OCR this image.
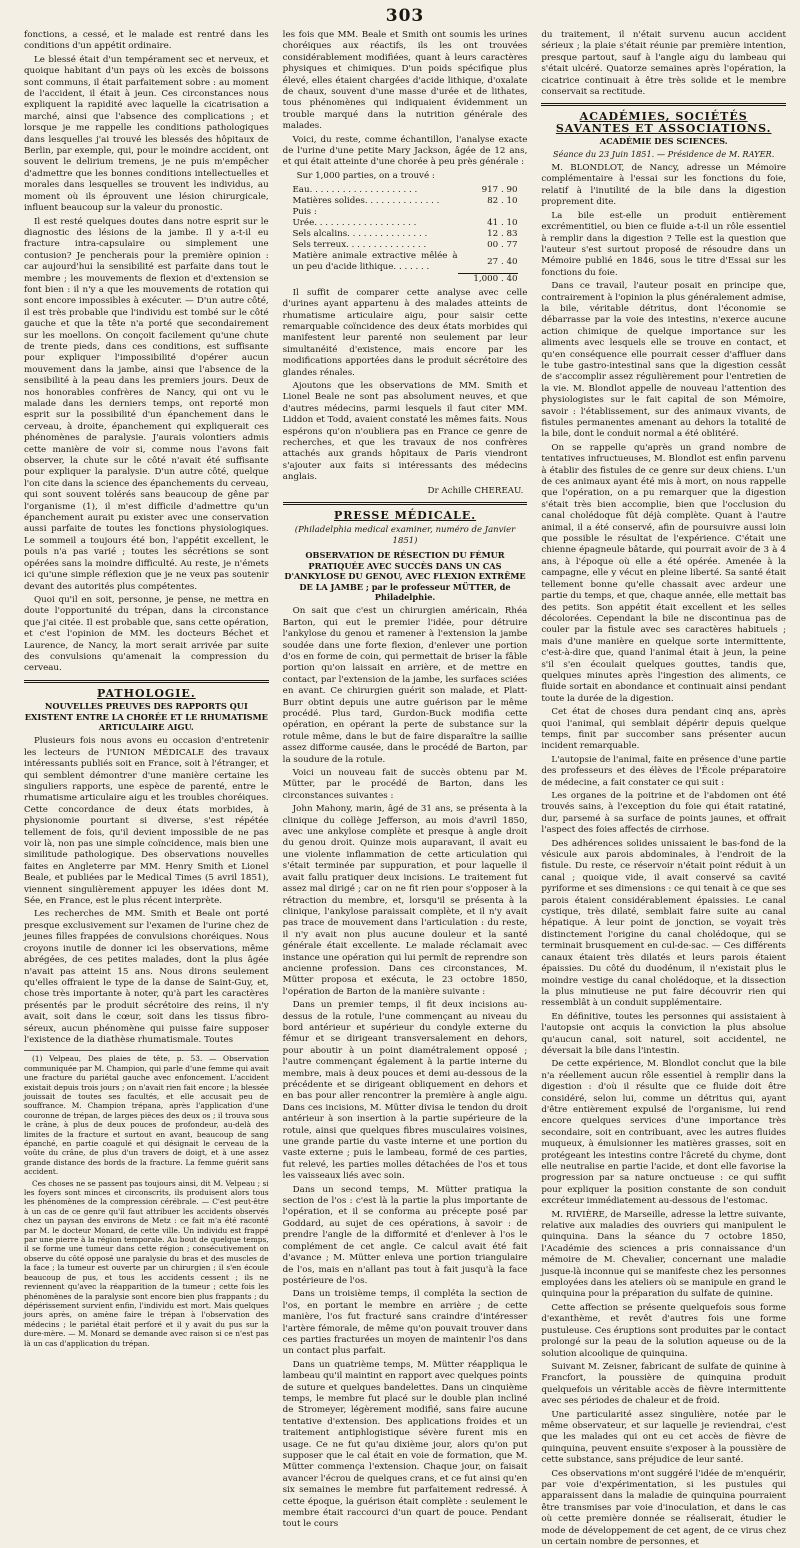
303

fonctions, a cessé, et le malade est rentré dans les conditions d'un appétit ordinaire.

Le blessé était d'un tempérament sec et nerveux, et quoique habitant d'un pays où les excès de boissons sont communs, il était parfaitement sobre : au moment de l'accident, il était à jeun. Ces circonstances nous expliquent la rapidité avec laquelle la cicatrisation a marché, ainsi que l'absence des complications ; et lorsque je me rappelle les conditions pathologiques dans lesquelles j'ai trouvé les blessés des hôpitaux de Berlin, par exemple, qui, pour le moindre accident, ont souvent le delirium tremens, je ne puis m'empêcher d'admettre que les bonnes conditions intellectuelles et morales dans lesquelles se trouvent les individus, au moment où ils éprouvent une lésion chirurgicale, influent beaucoup sur la valeur du pronostic.

Il est resté quelques doutes dans notre esprit sur le diagnostic des lésions de la jambe. Il y a-t-il eu fracture intra-capsulaire ou simplement une contusion? Je pencherais pour la première opinion : car aujourd'hui la sensibilité est parfaite dans tout le membre ; les mouvements de flexion et d'extension se font bien : il n'y a que les mouvements de rotation qui sont encore impossibles à exécuter. — D'un autre côté, il est très probable que l'individu est tombé sur le côté gauche et que la tête n'a porté que secondairement sur les moellons. On conçoit facilement qu'une chute de trente pieds, dans ces conditions, est suffisante pour expliquer l'impossibilité d'opérer aucun mouvement dans la jambe, ainsi que l'absence de la sensibilité à la peau dans les premiers jours. Deux de nos honorables confrères de Nancy, qui ont vu le malade dans les derniers temps, ont reporté mon esprit sur la possibilité d'un épanchement dans le cerveau, à droite, épanchement qui expliquerait ces phénomènes de paralysie. J'aurais volontiers admis cette manière de voir si, comme nous l'avons fait observer, la chute sur le côté n'avait été suffisante pour expliquer la paralysie. D'un autre côté, quelque l'on cite dans la science des épanchements du cerveau, qui sont souvent tolérés sans beaucoup de gêne par l'organisme (1), il m'est difficile d'admettre qu'un épanchement aurait pu exister avec une conservation aussi parfaite de toutes les fonctions physiologiques. Le sommeil a toujours été bon, l'appétit excellent, le pouls n'a pas varié ; toutes les sécrétions se sont opérées sans la moindre difficulté. Au reste, je n'émets ici qu'une simple réflexion que je ne veux pas soutenir devant des autorités plus compétentes.

Quoi qu'il en soit, personne, je pense, ne mettra en doute l'opportunité du trépan, dans la circonstance que j'ai citée. Il est probable que, sans cette opération, et c'est l'opinion de MM. les docteurs Béchet et Laurence, de Nancy, la mort serait arrivée par suite des convulsions qu'amenait la compression du cerveau.

PATHOLOGIE.
NOUVELLES PREUVES DES RAPPORTS QUI EXISTENT ENTRE LA CHORÉE ET LE RHUMATISME ARTICULAIRE AIGU.

Plusieurs fois nous avons eu occasion d'entretenir les lecteurs de l'UNION MÉDICALE des travaux intéressants publiés soit en France, soit à l'étranger, et qui semblent démontrer d'une manière certaine les singuliers rapports, une espèce de parenté, entre le rhumatisme articulaire aigu et les troubles choréiques. Cette concordance de deux états morbides, à physionomie pourtant si diverse, s'est répétée tellement de fois, qu'il devient impossible de ne pas voir là, non pas une simple coïncidence, mais bien une similitude pathologique. Des observations nouvelles faites en Angleterre par MM. Henry Smith et Lionel Beale, et publiées par le Medical Times (5 avril 1851), viennent singulièrement appuyer les idées dont M. Sée, en France, est le plus récent interprète.

Les recherches de MM. Smith et Beale ont porté presque exclusivement sur l'examen de l'urine chez de jeunes filles frappées de convulsions choréiques. Nous croyons inutile de donner ici les observations, même abrégées, de ces petites malades, dont la plus âgée n'avait pas atteint 15 ans. Nous dirons seulement qu'elles offraient le type de la danse de Saint-Guy, et, chose très importante à noter, qu'à part les caractères présentés par le produit sécrétoire des reins, il n'y avait, soit dans le cœur, soit dans les tissus fibro-séreux, aucun phénomène qui puisse faire supposer l'existence de la diathèse rhumatismale. Toutes

(1) Velpeau, Des plaies de tête, p. 53. — Observation communiquée par M. Champion, qui parle d'une femme qui avait une fracture du pariétal gauche avec enfoncement. L'accident existait depuis trois jours ; on n'avait rien fait encore ; la blessée jouissait de toutes ses facultés, et elle accusait peu de souffrance. M. Champion trépana, après l'application d'une couronne de trépan, de larges pièces des deux os ; il trouva sous le crâne, à plus de deux pouces de profondeur, au-delà des limites de la fracture et surtout en avant, beaucoup de sang épanché, en partie coagulé et qui désignait le cerveau de la voûte du crâne, de plus d'un travers de doigt, et à une assez grande distance des bords de la fracture. La femme guérit sans accident.

Ces choses ne se passent pas toujours ainsi, dit M. Velpeau ; si les foyers sont minces et circonscrits, ils produisent alors tous les phénomènes de la compression cérébrale. — C'est peut-être à un cas de ce genre qu'il faut attribuer les accidents observés chez un paysan des environs de Metz : ce fait m'a été raconté par M. le docteur Monard, de cette ville. Un individu est frappé par une pierre à la région temporale. Au bout de quelque temps, il se forme une tumeur dans cette région ; consécutivement on observe du côté opposé une paralysie du bras et des muscles de la face ; la tumeur est ouverte par un chirurgien ; il s'en écoule beaucoup de pus, et tous les accidents cessent ; ils ne reviennent qu'avec la réapparition de la tumeur ; cette fois les phénomènes de la paralysie sont encore bien plus frappants ; du dépérissement survient enfin, l'individu est mort. Mais quelques jours après, on amène faire le trépan à l'observation des médecins ; le pariétal était perforé et il y avait du pus sur la dure-mère. — M. Monard se demande avec raison si ce n'est pas là un cas d'application du trépan.

les fois que MM. Beale et Smith ont soumis les urines choréiques aux réactifs, ils les ont trouvées considérablement modifiées, quant à leurs caractères physiques et chimiques. D'un poids spécifique plus élevé, elles étaient chargées d'acide lithique, d'oxalate de chaux, souvent d'une masse d'urée et de lithates, tous phénomènes qui indiquaient évidemment un trouble marqué dans la nutrition générale des malades.

Voici, du reste, comme échantillon, l'analyse exacte de l'urine d'une petite Mary Jackson, âgée de 12 ans, et qui était atteinte d'une chorée à peu près générale :

Sur 1,000 parties, on a trouvé :
Eau. . . . . . . . . . . . . . . . . . . .	917 . 90
Matières solides. . . . . . . . . . . . . .	82 . 10
Puis :	
Urée. . . . . . . . . . . . . . . . . . .	41 . 10
Sels alcalins. . . . . . . . . . . . . . .	12 . 83
Sels terreux. . . . . . . . . . . . . . .	00 . 77
Matière animale extractive mêlée à un peu d'acide lithique. . . . . . .	27 . 40
	1,000 . 40

Il suffit de comparer cette analyse avec celle d'urines ayant appartenu à des malades atteints de rhumatisme articulaire aigu, pour saisir cette remarquable coïncidence des deux états morbides qui manifestent leur parenté non seulement par leur simultanéité d'existence, mais encore par les modifications apportées dans le produit sécrétoire des glandes rénales.

Ajoutons que les observations de MM. Smith et Lionel Beale ne sont pas absolument neuves, et que d'autres médecins, parmi lesquels il faut citer MM. Liddon et Todd, avaient constaté les mêmes faits. Nous espérons qu'on n'oubliera pas en France ce genre de recherches, et que les travaux de nos confrères attachés aux grands hôpitaux de Paris viendront s'ajouter aux faits si intéressants des médecins anglais.

Dr Achille CHEREAU.
PRESSE MÉDICALE.
(Philadelphia medical examiner, numéro de Janvier 1851)
OBSERVATION DE RÉSECTION DU FÉMUR PRATIQUÉE AVEC SUCCÈS DANS UN CAS D'ANKYLOSE DU GENOU, AVEC FLEXION EXTRÊME DE LA JAMBE ; par le professeur MÜTTER, de Philadelphie.

On sait que c'est un chirurgien américain, Rhéa Barton, qui eut le premier l'idée, pour détruire l'ankylose du genou et ramener à l'extension la jambe soudée dans une forte flexion, d'enlever une portion d'os en forme de coin, qui permettait de briser la fâble portion qu'on laissait en arrière, et de mettre en contact, par l'extension de la jambe, les surfaces sciées en avant. Ce chirurgien guérit son malade, et Platt-Burr obtint depuis une autre guérison par le même procédé. Plus tard, Gurdon-Buck modifia cette opération, en opérant la perte de substance sur la rotule même, dans le but de faire disparaître la saillie assez difforme causée, dans le procédé de Barton, par la soudure de la rotule.

Voici un nouveau fait de succès obtenu par M. Mütter, par le procédé de Barton, dans les circonstances suivantes :

John Mahony, marin, âgé de 31 ans, se présenta à la clinique du collège Jefferson, au mois d'avril 1850, avec une ankylose complète et presque à angle droit du genou droit. Quinze mois auparavant, il avait eu une violente inflammation de cette articulation qui s'était terminée par suppuration, et pour laquelle il avait fallu pratiquer deux incisions. Le traitement fut assez mal dirigé ; car on ne fit rien pour s'opposer à la rétraction du membre, et, lorsqu'il se présenta à la clinique, l'ankylose paraissait complète, et il n'y avait pas trace de mouvement dans l'articulation : du reste, il n'y avait non plus aucune douleur et la santé générale était excellente. Le malade réclamait avec instance une opération qui lui permît de reprendre son ancienne profession. Dans ces circonstances, M. Mütter proposa et exécuta, le 23 octobre 1850, l'opération de Barton de la manière suivante :

Dans un premier temps, il fit deux incisions au-dessus de la rotule, l'une commençant au niveau du bord antérieur et supérieur du condyle externe du fémur et se dirigeant transversalement en dehors, pour aboutir à un point diamétralement opposé ; l'autre commençant également à la partie interne du membre, mais à deux pouces et demi au-dessous de la précédente et se dirigeant obliquement en dehors et en bas pour aller rencontrer la première à angle aigu. Dans ces incisions, M. Mütter divisa le tendon du droit antérieur à son insertion à la partie supérieure de la rotule, ainsi que quelques fibres musculaires voisines, une grande partie du vaste interne et une portion du vaste externe ; puis le lambeau, formé de ces parties, fut relevé, les parties molles détachées de l'os et tous les vaisseaux liés avec soin.

Dans un second temps, M. Mütter pratiqua la section de l'os : c'est là la partie la plus importante de l'opération, et il se conforma au précepte posé par Goddard, au sujet de ces opérations, à savoir : de prendre l'angle de la difformité et d'enlever à l'os le complément de cet angle. Ce calcul avait été fait d'avance ; M. Mütter enleva une portion triangulaire de l'os, mais en n'allant pas tout à fait jusqu'à la face postérieure de l'os.

Dans un troisième temps, il compléta la section de l'os, en portant le membre en arrière ; de cette manière, l'os fut fracturé sans craindre d'intéresser l'artère fémorale, de même qu'on pouvait trouver dans ces parties fracturées un moyen de maintenir l'os dans un contact plus parfait.

Dans un quatrième temps, M. Mütter réappliqua le lambeau qu'il maintint en rapport avec quelques points de suture et quelques bandelettes. Dans un cinquième temps, le membre fut placé sur le double plan incliné de Stromeyer, légèrement modifié, sans faire aucune tentative d'extension. Des applications froides et un traitement antiphlogistique sévère furent mis en usage. Ce ne fut qu'au dixième jour, alors qu'on put supposer que le cal était en voie de formation, que M. Mütter commença l'extension. Chaque jour, on faisait avancer l'écrou de quelques crans, et ce fut ainsi qu'en six semaines le membre fut parfaitement redressé. À cette époque, la guérison était complète : seulement le membre était raccourci d'un quart de pouce. Pendant tout le cours

du traitement, il n'était survenu aucun accident sérieux ; la plaie s'était réunie par première intention, presque partout, sauf à l'angle aigu du lambeau qui s'était ulcéré. Quatorze semaines après l'opération, la cicatrice continuait à être très solide et le membre conservait sa rectitude.

ACADÉMIES, SOCIÉTÉS SAVANTES ET ASSOCIATIONS.
ACADÉMIE DES SCIENCES.
Séance du 23 Juin 1851. — Présidence de M. RAYER.

M. BLONDLOT, de Nancy, adresse un Mémoire complémentaire à l'essai sur les fonctions du foie, relatif à l'inutilité de la bile dans la digestion proprement dite.

La bile est-elle un produit entièrement excrémentitiel, ou bien ce fluide a-t-il un rôle essentiel à remplir dans la digestion ? Telle est la question que l'auteur s'est surtout proposé de résoudre dans un Mémoire publié en 1846, sous le titre d'Essai sur les fonctions du foie.

Dans ce travail, l'auteur posait en principe que, contrairement à l'opinion la plus généralement admise, la bile, véritable détritus, dont l'économie se débarrasse par la voie des intestins, n'exerce aucune action chimique de quelque importance sur les aliments avec lesquels elle se trouve en contact, et qu'en conséquence elle pourrait cesser d'affluer dans le tube gastro-intestinal sans que la digestion cessât de s'accomplir assez régulièrement pour l'entretien de la vie. M. Blondlot appelle de nouveau l'attention des physiologistes sur le fait capital de son Mémoire, savoir : l'établissement, sur des animaux vivants, de fistules permanentes amenant au dehors la totalité de la bile, dont le conduit normal a été oblitéré.

On se rappelle qu'après un grand nombre de tentatives infructueuses, M. Blondlot est enfin parvenu à établir des fistules de ce genre sur deux chiens. L'un de ces animaux ayant été mis à mort, on nous rappelle que l'opération, on a pu remarquer que la digestion s'était très bien accomplie, bien que l'occlusion du canal cholédoque fût déjà complète. Quant à l'autre animal, il a été conservé, afin de poursuivre aussi loin que possible le résultat de l'expérience. C'était une chienne épagneule bâtarde, qui pourrait avoir de 3 à 4 ans, à l'époque où elle a été opérée. Amenée à la campagne, elle y vécut en pleine liberté. Sa santé était tellement bonne qu'elle chassait avec ardeur une partie du temps, et que, chaque année, elle mettait bas des petits. Son appétit était excellent et les selles décolorées. Cependant la bile ne discontinua pas de couler par la fistule avec ses caractères habituels ; mais d'une manière en quelque sorte intermittente, c'est-à-dire que, quand l'animal était à jeun, la peine s'il s'en écoulait quelques gouttes, tandis que, quelques minutes après l'ingestion des aliments, ce fluide sortait en abondance et continuait ainsi pendant toute la durée de la digestion.

Cet état de choses dura pendant cinq ans, après quoi l'animal, qui semblait dépérir depuis quelque temps, finit par succomber sans présenter aucun incident remarquable.

L'autopsie de l'animal, faite en présence d'une partie des professeurs et des élèves de l'École préparatoire de médecine, a fait constater ce qui suit :

Les organes de la poitrine et de l'abdomen ont été trouvés sains, à l'exception du foie qui était ratatiné, dur, parsemé à sa surface de points jaunes, et offrait l'aspect des foies affectés de cirrhose.

Des adhérences solides unissaient le bas-fond de la vésicule aux parois abdominales, à l'endroit de la fistule. Du reste, ce réservoir n'était point réduit à un canal ; quoique vide, il avait conservé sa cavité pyriforme et ses dimensions : ce qui tenait à ce que ses parois étaient considérablement épaissies. Le canal cystique, très dilaté, semblait faire suite au canal hépatique. À leur point de jonction, se voyait très distinctement l'origine du canal cholédoque, qui se terminait brusquement en cul-de-sac. — Ces différents canaux étaient très dilatés et leurs parois étaient épaissies. Du côté du duodénum, il n'existait plus le moindre vestige du canal cholédoque, et la dissection la plus minutieuse ne put faire découvrir rien qui ressemblât à un conduit supplémentaire.

En définitive, toutes les personnes qui assistaient à l'autopsie ont acquis la conviction la plus absolue qu'aucun canal, soit naturel, soit accidentel, ne déversait la bile dans l'intestin.

De cette expérience, M. Blondlot conclut que la bile n'a réellement aucun rôle essentiel à remplir dans la digestion : d'où il résulte que ce fluide doit être considéré, selon lui, comme un détritus qui, ayant d'être entièrement expulsé de l'organisme, lui rend encore quelques services d'une importance très secondaire, soit en contribuant, avec les autres fluides muqueux, à émulsionner les matières grasses, soit en protégeant les intestins contre l'âcreté du chyme, dont elle neutralise en partie l'acide, et dont elle favorise la progression par sa nature onctueuse : ce qui suffit pour expliquer la position constante de son conduit excréteur immédiatement au-dessous de l'estomac.

M. RIVIÈRE, de Marseille, adresse la lettre suivante, relative aux maladies des ouvriers qui manipulent le quinquina. Dans la séance du 7 octobre 1850, l'Académie des sciences a pris connaissance d'un mémoire de M. Chevalier, concernant une maladie jusque-là inconnue qui se manifeste chez les personnes employées dans les ateliers où se manipule en grand le quinquina pour la préparation du sulfate de quinine.

Cette affection se présente quelquefois sous forme d'exanthème, et revêt d'autres fois une forme pustuleuse. Ces éruptions sont produites par le contact prolongé sur la peau de la solution aqueuse ou de la solution alcoolique de quinquina.

Suivant M. Zeisner, fabricant de sulfate de quinine à Francfort, la poussière de quinquina produit quelquefois un véritable accès de fièvre intermittente avec ses périodes de chaleur et de froid.

Une particularité assez singulière, notée par le même observateur, et sur laquelle je reviendrai, c'est que les malades qui ont eu cet accès de fièvre de quinquina, peuvent ensuite s'exposer à la poussière de cette substance, sans préjudice de leur santé.

Ces observations m'ont suggéré l'idée de m'enquérir, par voie d'expérimentation, si les pustules qui apparaissent dans la maladie de quinquina pourraient être transmises par voie d'inoculation, et dans le cas où cette première donnée se réaliserait, étudier le mode de développement de cet agent, de ce virus chez un certain nombre de personnes, et
